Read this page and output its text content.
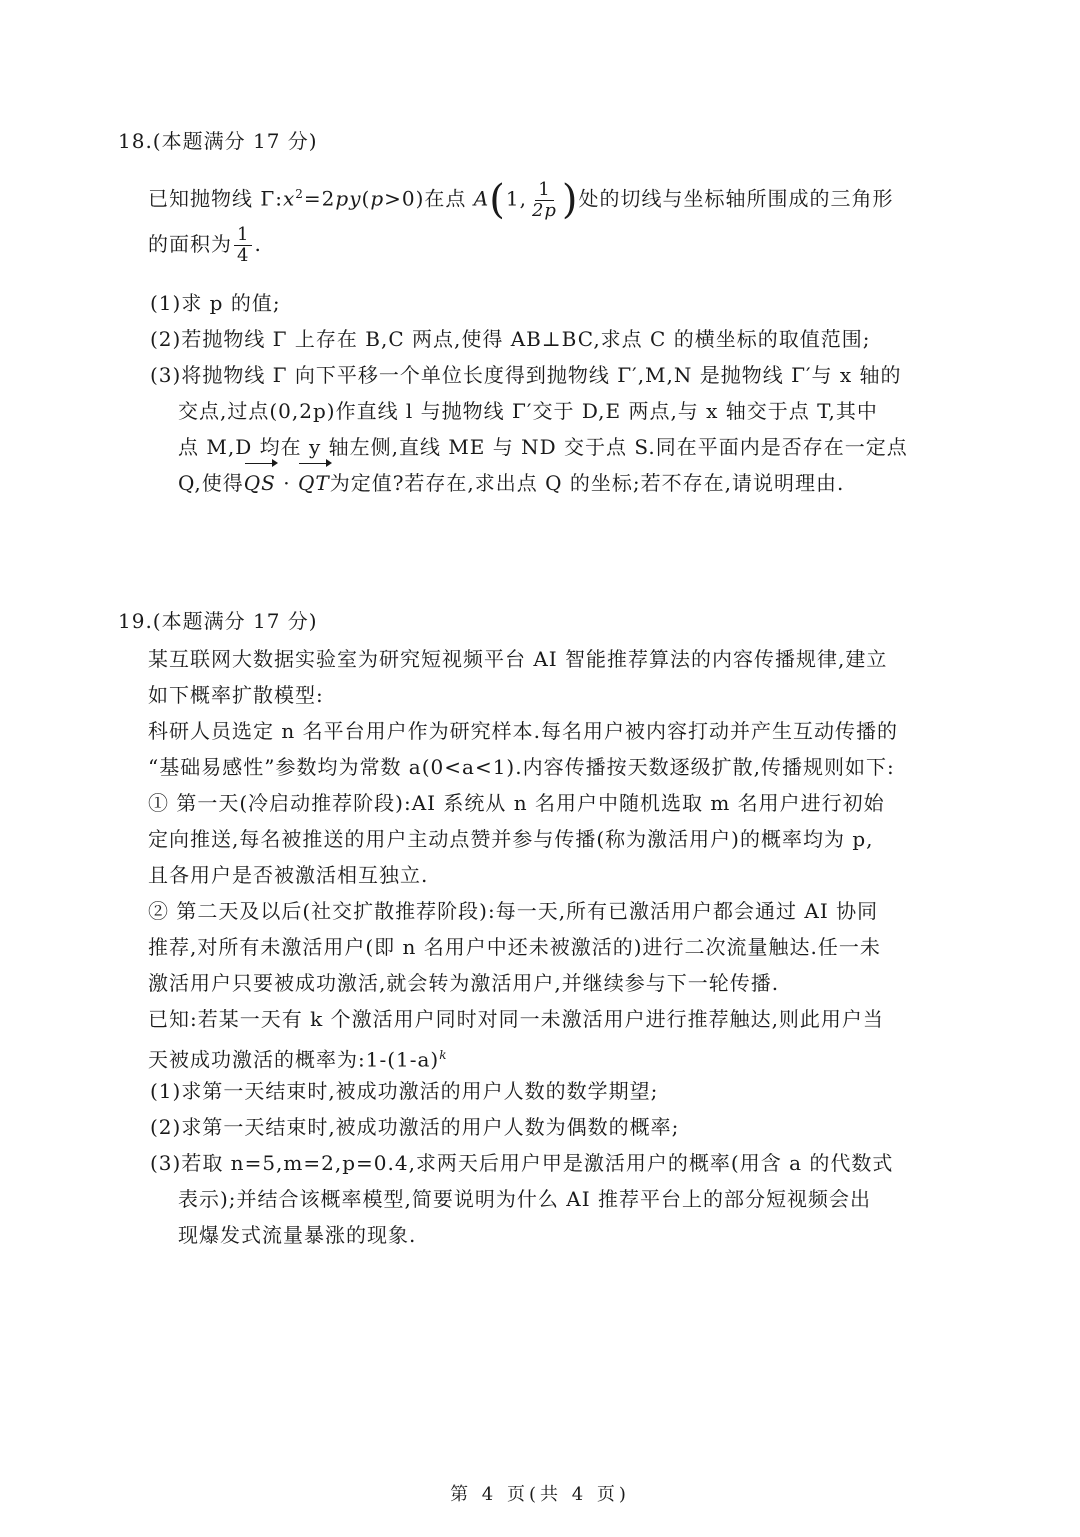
18.(本题满分 17 分)
已知抛物线 $\Gamma:x^2=2py(p>0)$在点 A(1, $\frac{1}{2p}$ )处的切线与坐标轴所围成的三角形
的面积为 $\frac{1}{4}$ .
(1)求 p 的值;
(2)若抛物线 Γ 上存在 B,C 两点,使得 AB⊥BC,求点 C 的横坐标的取值范围;
(3)将抛物线 Γ 向下平移一个单位长度得到抛物线 Γ′,M,N 是抛物线 Γ′与 x 轴的
交点,过点(0,2p)作直线 l 与抛物线 Γ′交于 D,E 两点,与 x 轴交于点 T,其中
点 M,D 均在 y 轴左侧,直线 ME 与 ND 交于点 S.同在平面内是否存在一定点
Q,使得QS · QT为定值?若存在,求出点 Q 的坐标;若不存在,请说明理由.
19.(本题满分 17 分)
某互联网大数据实验室为研究短视频平台 AI 智能推荐算法的内容传播规律,建立
如下概率扩散模型:
科研人员选定 n 名平台用户作为研究样本.每名用户被内容打动并产生互动传播的
“基础易感性”参数均为常数 a(0<a<1).内容传播按天数逐级扩散,传播规则如下:
① 第一天(冷启动推荐阶段):AI 系统从 n 名用户中随机选取 m 名用户进行初始
定向推送,每名被推送的用户主动点赞并参与传播(称为激活用户)的概率均为 p,
且各用户是否被激活相互独立.
② 第二天及以后(社交扩散推荐阶段):每一天,所有已激活用户都会通过 AI 协同
推荐,对所有未激活用户(即 n 名用户中还未被激活的)进行二次流量触达.任一未
激活用户只要被成功激活,就会转为激活用户,并继续参与下一轮传播.
已知:若某一天有 k 个激活用户同时对同一未激活用户进行推荐触达,则此用户当
天被成功激活的概率为$:1-(1-a)^k$
(1)求第一天结束时,被成功激活的用户人数的数学期望;
(2)求第一天结束时,被成功激活的用户人数为偶数的概率;
(3)若取 n=5,m=2,p=0.4,求两天后用户甲是激活用户的概率(用含 a 的代数式
表示);并结合该概率模型,简要说明为什么 AI 推荐平台上的部分短视频会出
现爆发式流量暴涨的现象.
第 4 页(共 4 页)
